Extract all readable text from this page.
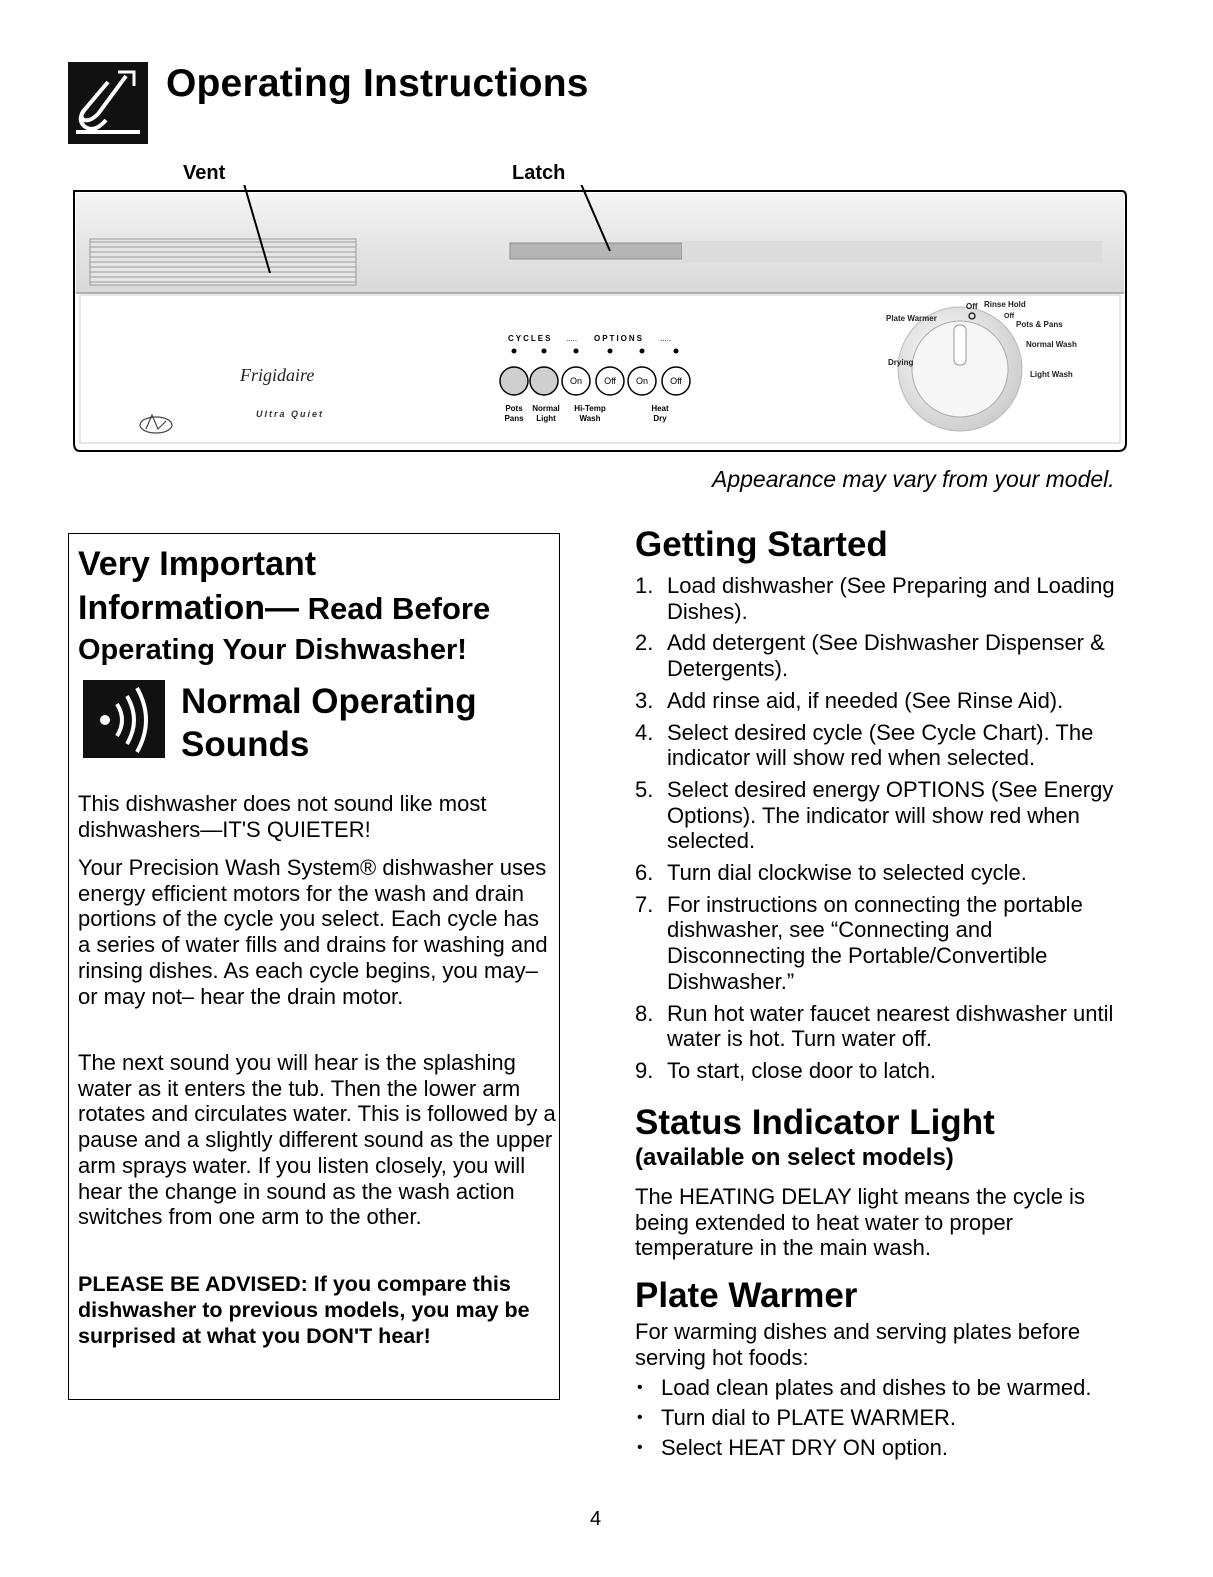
Operating Instructions
Vent	Latch
Frigidaire
Ultra Quiet
CYCLES ..... OPTIONS .....
On Off On Off
Pots
Pans
Normal
Light
Hi-Temp
Wash
Heat
Dry
Off Rinse Hold
Off
Plate Warmer
Pots & Pans
Normal Wash
Drying
Light Wash
Appearance may vary from your model.
Very Important
Information— Read Before
Operating Your Dishwasher!
Normal Operating Sounds
This dishwasher does not sound like most dishwashers—IT'S QUIETER!
Your Precision Wash System® dishwasher uses energy efficient motors for the wash and drain portions of the cycle you select. Each cycle has a series of water fills and drains for washing and rinsing dishes. As each cycle begins, you may–or may not– hear the drain motor.
The next sound you will hear is the splashing water as it enters the tub. Then the lower arm rotates and circulates water. This is followed by a pause and a slightly different sound as the upper arm sprays water. If you listen closely, you will hear the change in sound as the wash action switches from one arm to the other.
PLEASE BE ADVISED: If you compare this dishwasher to previous models, you may be surprised at what you DON'T hear!
Getting Started
1. Load dishwasher (See Preparing and Loading Dishes).
2. Add detergent (See Dishwasher Dispenser & Detergents).
3. Add rinse aid, if needed (See Rinse Aid).
4. Select desired cycle (See Cycle Chart). The indicator will show red when selected.
5. Select desired energy OPTIONS (See Energy Options). The indicator will show red when selected.
6. Turn dial clockwise to selected cycle.
7. For instructions on connecting the portable dishwasher, see “Connecting and Disconnecting the Portable/Convertible Dishwasher.”
8. Run hot water faucet nearest dishwasher until water is hot. Turn water off.
9. To start, close door to latch.
Status Indicator Light
(available on select models)
The HEATING DELAY light means the cycle is being extended to heat water to proper temperature in the main wash.
Plate Warmer
For warming dishes and serving plates before serving hot foods:
• Load clean plates and dishes to be warmed.
• Turn dial to PLATE WARMER.
• Select HEAT DRY ON option.
4
